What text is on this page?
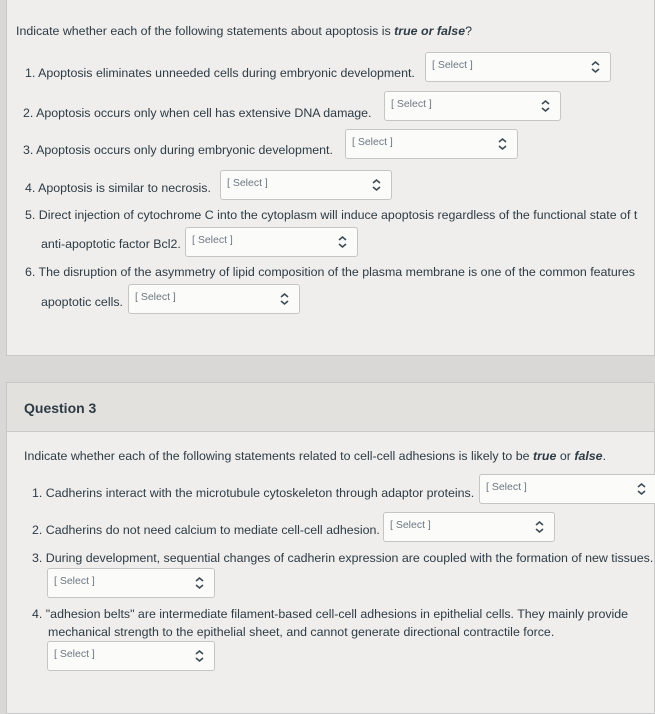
Indicate whether each of the following statements about apoptosis is true or false?
1. Apoptosis eliminates unneeded cells during embryonic development.
[ Select ]
2. Apoptosis occurs only when cell has extensive DNA damage.
[ Select ]
3. Apoptosis occurs only during embryonic development.
[ Select ]
4. Apoptosis is similar to necrosis. [ Select ]
5. Direct injection of cytochrome C into the cytoplasm will induce apoptosis regardless of the functional state of t
anti-apoptotic factor Bcl2. [ Select ]
6. The disruption of the asymmetry of lipid composition of the plasma membrane is one of the common features
apoptotic cells. [ Select ]
Question 3
Indicate whether each of the following statements related to cell-cell adhesions is likely to be true or false.
1. Cadherins interact with the microtubule cytoskeleton through adaptor proteins. [ Select ]
2. Cadherins do not need calcium to mediate cell-cell adhesion. [ Select ]
3. During development, sequential changes of cadherin expression are coupled with the formation of new tissues.
[ Select ]
4. "adhesion belts" are intermediate filament-based cell-cell adhesions in epithelial cells. They mainly provide
mechanical strength to the epithelial sheet, and cannot generate directional contractile force.
[ Select ]
